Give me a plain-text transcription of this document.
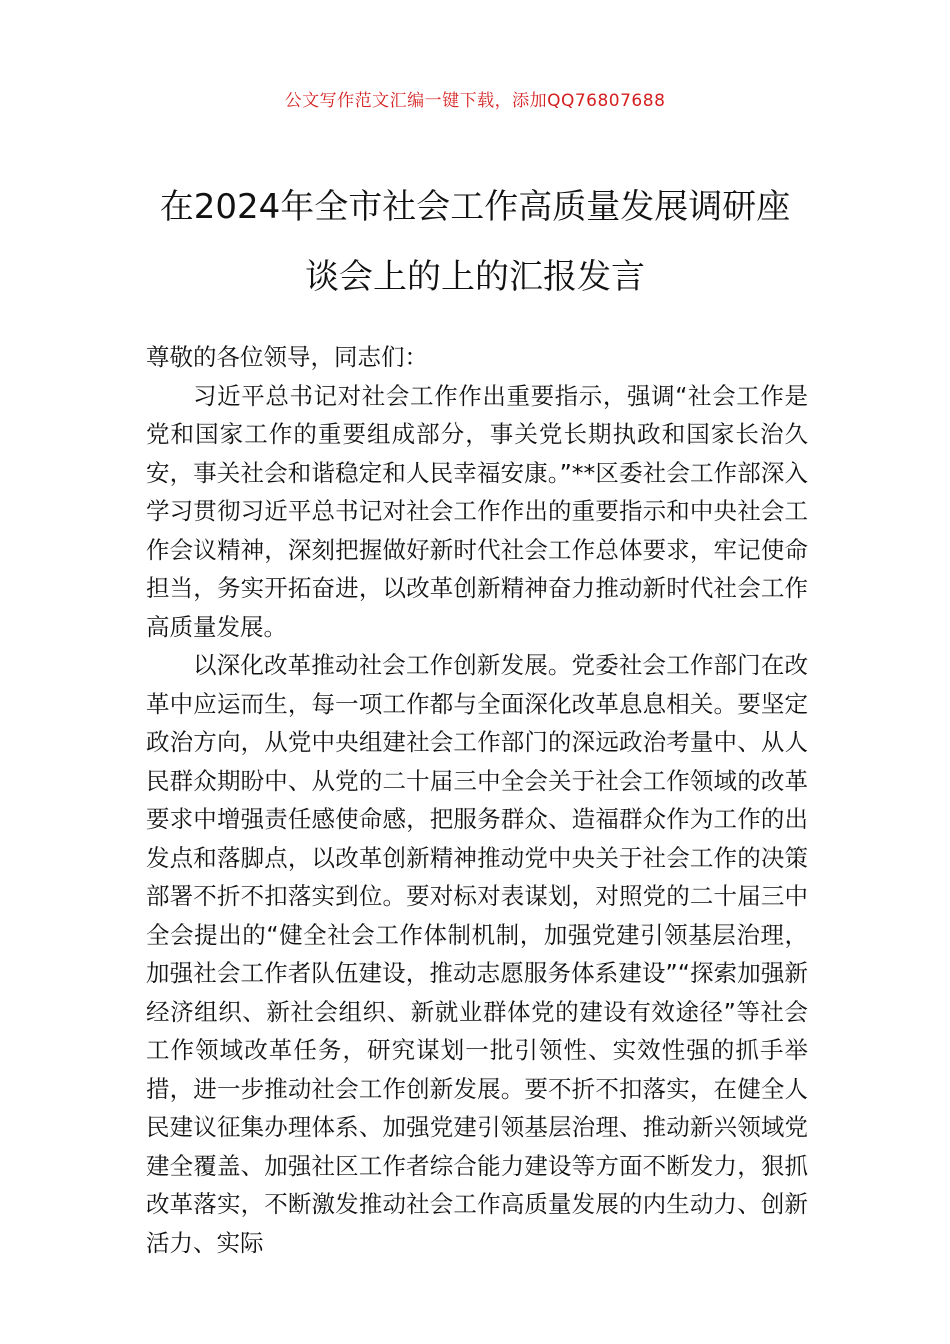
公文写作范文汇编一键下载，添加QQ76807688
在2024年全市社会工作高质量发展调研座
谈会上的上的汇报发言

尊敬的各位领导，同志们：

习近平总书记对社会工作作出重要指示，强调“社会工作是党和国家工作的重要组成部分，事关党长期执政和国家长治久安，事关社会和谐稳定和人民幸福安康。”**区委社会工作部深入学习贯彻习近平总书记对社会工作作出的重要指示和中央社会工作会议精神，深刻把握做好新时代社会工作总体要求，牢记使命担当，务实开拓奋进，以改革创新精神奋力推动新时代社会工作高质量发展。

以深化改革推动社会工作创新发展。党委社会工作部门在改革中应运而生，每一项工作都与全面深化改革息息相关。要坚定政治方向，从党中央组建社会工作部门的深远政治考量中、从人民群众期盼中、从党的二十届三中全会关于社会工作领域的改革要求中增强责任感使命感，把服务群众、造福群众作为工作的出发点和落脚点，以改革创新精神推动党中央关于社会工作的决策部署不折不扣落实到位。要对标对表谋划，对照党的二十届三中全会提出的“健全社会工作体制机制，加强党建引领基层治理，加强社会工作者队伍建设，推动志愿服务体系建设”“探索加强新经济组织、新社会组织、新就业群体党的建设有效途径”等社会工作领域改革任务，研究谋划一批引领性、实效性强的抓手举措，进一步推动社会工作创新发展。要不折不扣落实，在健全人民建议征集办理体系、加强党建引领基层治理、推动新兴领域党建全覆盖、加强社区工作者综合能力建设等方面不断发力，狠抓改革落实，不断激发推动社会工作高质量发展的内生动力、创新活力、实际
